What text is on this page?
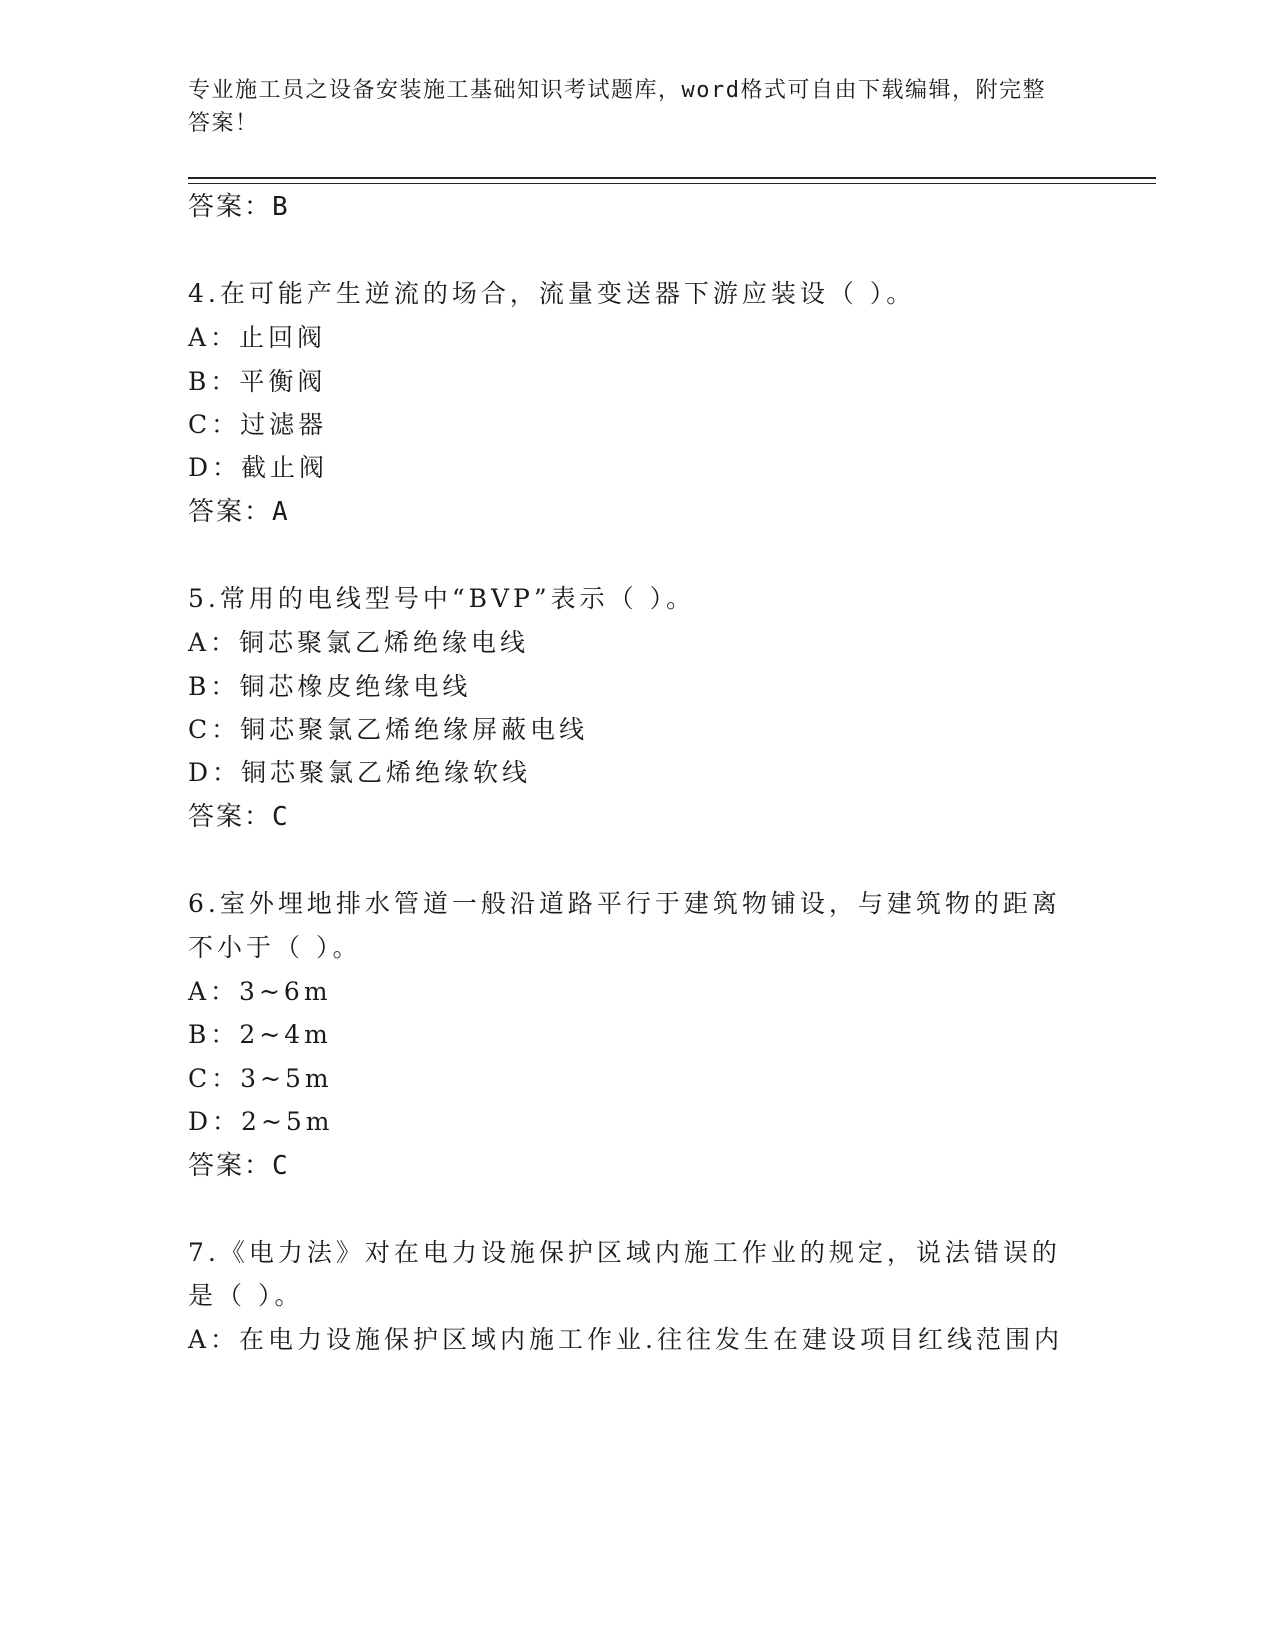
专业施工员之设备安装施工基础知识考试题库，word格式可自由下载编辑，附完整答案！
答案：B
4.在可能产生逆流的场合，流量变送器下游应装设（ ）。
A：止回阀
B：平衡阀
C：过滤器
D：截止阀
答案：A
5.常用的电线型号中“BVP”表示（ ）。
A：铜芯聚氯乙烯绝缘电线
B：铜芯橡皮绝缘电线
C：铜芯聚氯乙烯绝缘屏蔽电线
D：铜芯聚氯乙烯绝缘软线
答案：C
6.室外埋地排水管道一般沿道路平行于建筑物铺设，与建筑物的距离
不小于（ ）。
A：3~6m
B：2~4m
C：3~5m
D：2~5m
答案：C
7.《电力法》对在电力设施保护区域内施工作业的规定，说法错误的
是（ ）。
A：在电力设施保护区域内施工作业.往往发生在建设项目红线范围内
